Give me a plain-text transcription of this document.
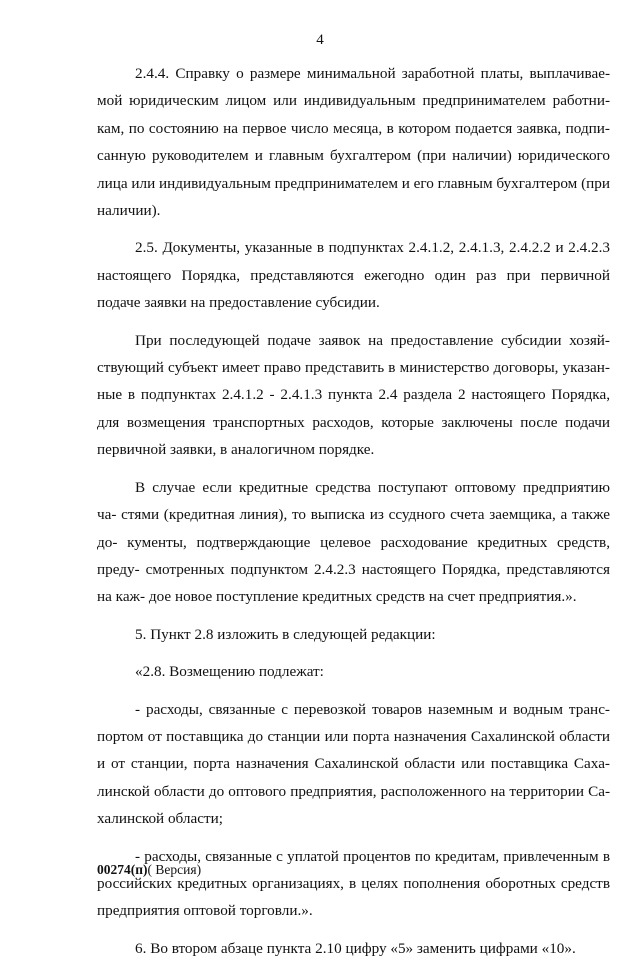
4

2.4.4. Справку о размере минимальной заработной платы, выплачивае- мой юридическим лицом или индивидуальным предпринимателем работни- кам, по состоянию на первое число месяца, в котором подается заявка, подпи- санную руководителем и главным бухгалтером (при наличии) юридического лица или индивидуальным предпринимателем и его главным бухгалтером (при наличии).

2.5. Документы, указанные в подпунктах 2.4.1.2, 2.4.1.3, 2.4.2.2 и 2.4.2.3 настоящего Порядка, представляются ежегодно один раз при первичной подаче заявки на предоставление субсидии.

При последующей подаче заявок на предоставление субсидии хозяй- ствующий субъект имеет право представить в министерство договоры, указан- ные в подпунктах 2.4.1.2 - 2.4.1.3 пункта 2.4 раздела 2 настоящего Порядка, для возмещения транспортных расходов, которые заключены после подачи первичной заявки, в аналогичном порядке.

В случае если кредитные средства поступают оптовому предприятию ча- стями (кредитная линия), то выписка из ссудного счета заемщика, а также до- кументы, подтверждающие целевое расходование кредитных средств, преду- смотренных подпунктом 2.4.2.3 настоящего Порядка, представляются на каж- дое новое поступление кредитных средств на счет предприятия.».

5. Пункт 2.8 изложить в следующей редакции:

«2.8. Возмещению подлежат:

- расходы, связанные с перевозкой товаров наземным и водным транс- портом от поставщика до станции или порта назначения Сахалинской области и от станции, порта назначения Сахалинской области или поставщика Саха- линской области до оптового предприятия, расположенного на территории Са- халинской области;

- расходы, связанные с уплатой процентов по кредитам, привлеченным в российских кредитных организациях, в целях пополнения оборотных средств предприятия оптовой торговли.».

6. Во втором абзаце пункта 2.10 цифру «5» заменить цифрами «10».

00274(п)( Версия)
